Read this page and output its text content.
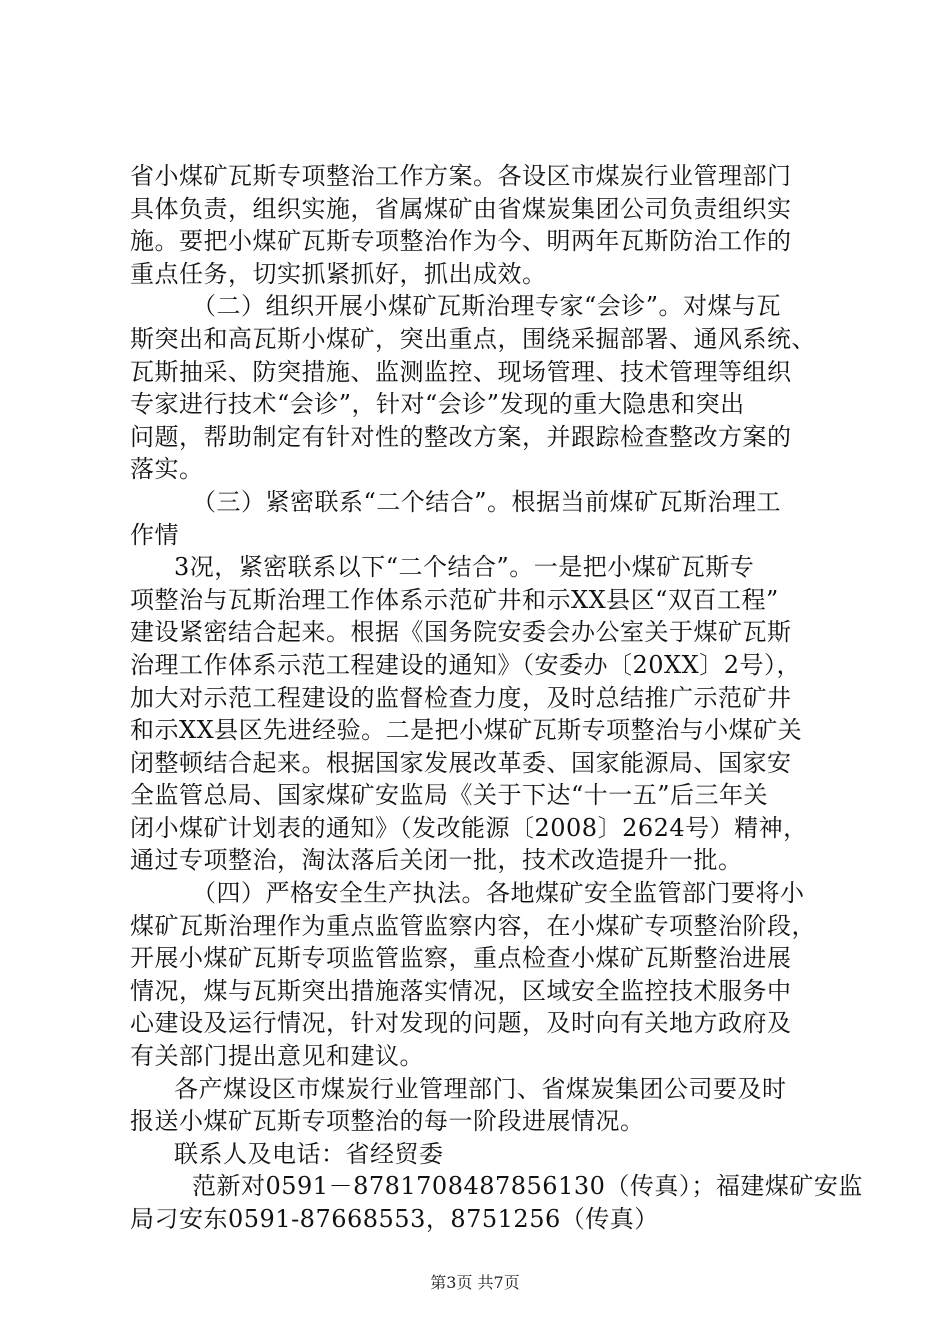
省小煤矿瓦斯专项整治工作方案。各设区市煤炭行业管理部门
具体负责，组织实施，省属煤矿由省煤炭集团公司负责组织实
施。要把小煤矿瓦斯专项整治作为今、明两年瓦斯防治工作的
重点任务，切实抓紧抓好，抓出成效。
（二）组织开展小煤矿瓦斯治理专家“会诊”。对煤与瓦
斯突出和高瓦斯小煤矿，突出重点，围绕采掘部署、通风系统、
瓦斯抽采、防突措施、监测监控、现场管理、技术管理等组织
专家进行技术“会诊”，针对“会诊”发现的重大隐患和突出
问题，帮助制定有针对性的整改方案，并跟踪检查整改方案的
落实。
（三）紧密联系“二个结合”。根据当前煤矿瓦斯治理工
作情
3况，紧密联系以下“二个结合”。一是把小煤矿瓦斯专
项整治与瓦斯治理工作体系示范矿井和示XX县区“双百工程”
建设紧密结合起来。根据《国务院安委会办公室关于煤矿瓦斯
治理工作体系示范工程建设的通知》（安委办〔20XX〕2号），
加大对示范工程建设的监督检查力度，及时总结推广示范矿井
和示XX县区先进经验。二是把小煤矿瓦斯专项整治与小煤矿关
闭整顿结合起来。根据国家发展改革委、国家能源局、国家安
全监管总局、国家煤矿安监局《关于下达“十一五”后三年关
闭小煤矿计划表的通知》（发改能源〔2008〕2624号）精神，
通过专项整治，淘汰落后关闭一批，技术改造提升一批。
（四）严格安全生产执法。各地煤矿安全监管部门要将小
煤矿瓦斯治理作为重点监管监察内容，在小煤矿专项整治阶段，
开展小煤矿瓦斯专项监管监察，重点检查小煤矿瓦斯整治进展
情况，煤与瓦斯突出措施落实情况，区域安全监控技术服务中
心建设及运行情况，针对发现的问题，及时向有关地方政府及
有关部门提出意见和建议。
各产煤设区市煤炭行业管理部门、省煤炭集团公司要及时
报送小煤矿瓦斯专项整治的每一阶段进展情况。
联系人及电话：省经贸委
范新对0591－8781708487856130（传真）；福建煤矿安监
局刁安东0591-87668553，8751256（传真）
第3页 共7页
